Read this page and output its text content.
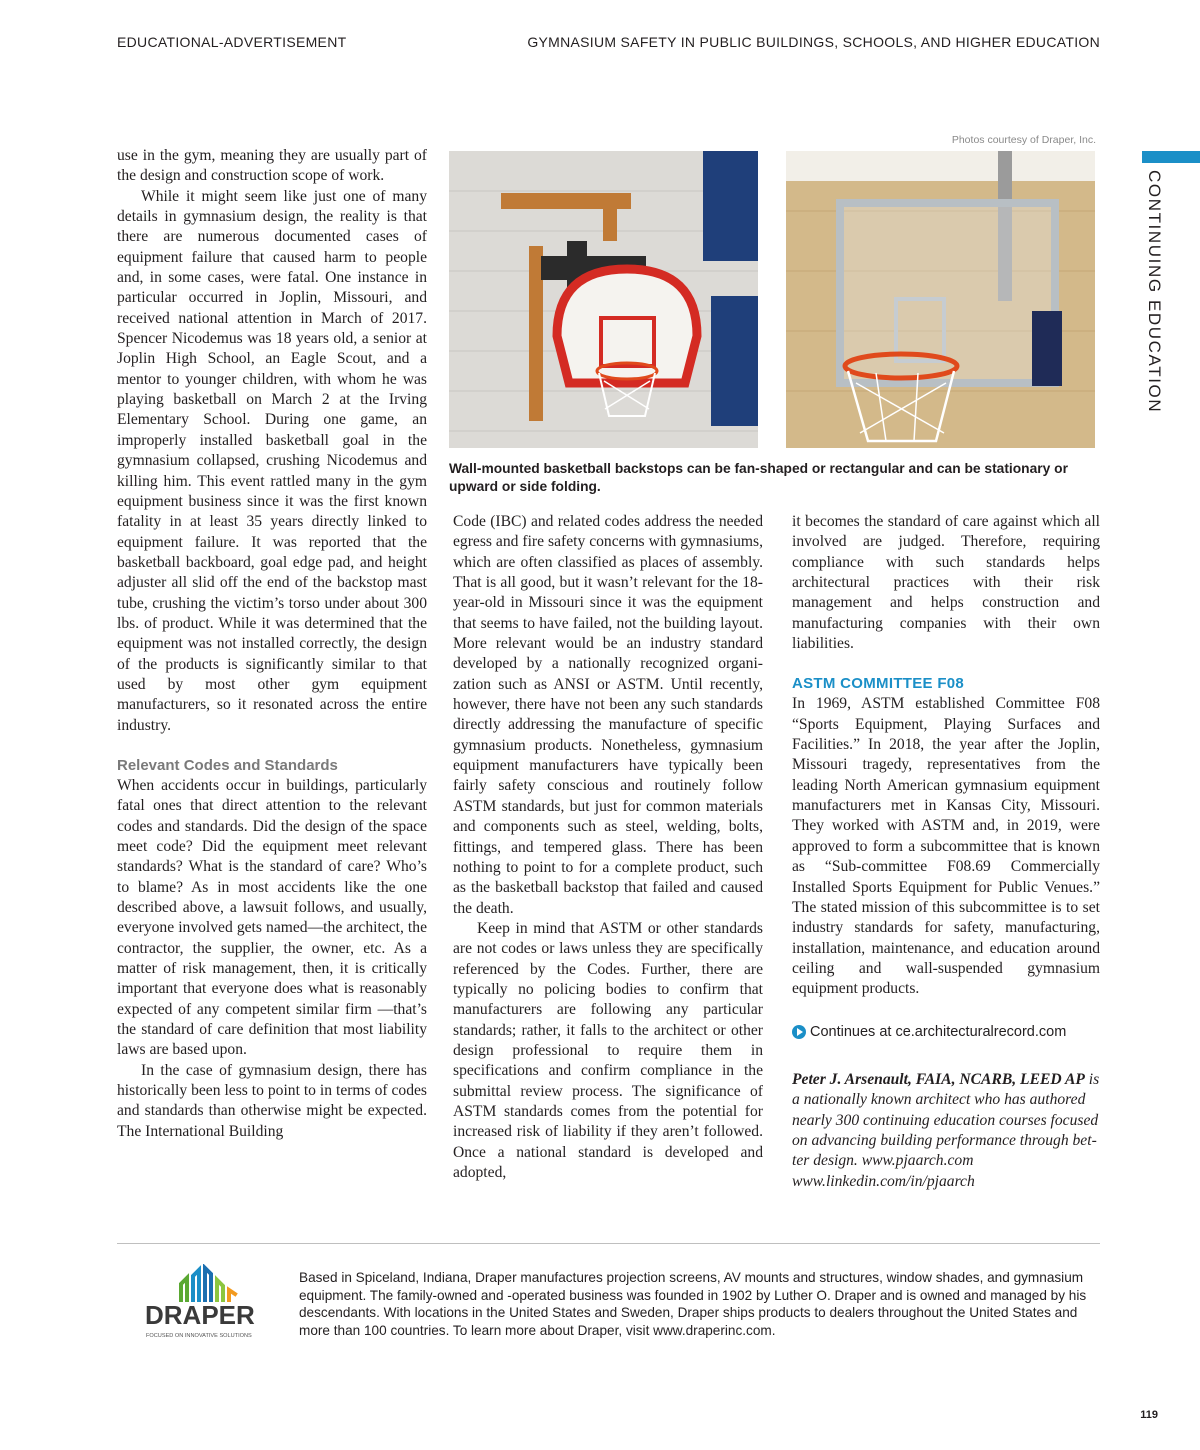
EDUCATIONAL-ADVERTISEMENT	GYMNASIUM SAFETY IN PUBLIC BUILDINGS, SCHOOLS, AND HIGHER EDUCATION
Photos courtesy of Draper, Inc.
CONTINUING EDUCATION

use in the gym, meaning they are usually part of the design and construction scope of work.

While it might seem like just one of many details in gymnasium design, the reality is that there are numerous documented cases of equipment failure that caused harm to people and, in some cases, were fatal. One instance in particular occurred in Joplin, Missouri, and received national attention in March of 2017. Spencer Nicodemus was 18 years old, a senior at Joplin High School, an Eagle Scout, and a mentor to younger children, with whom he was playing basketball on March 2 at the Irving Elementary School. During one game, an improperly installed basketball goal in the gymnasium collapsed, crushing Nicodemus and killing him. This event rattled many in the gym equipment business since it was the first known fatality in at least 35 years directly linked to equipment failure. It was reported that the basketball backboard, goal edge pad, and height adjuster all slid off the end of the backstop mast tube, crushing the victim’s torso under about 300 lbs. of product. While it was determined that the equipment was not installed correctly, the design of the products is significantly similar to that used by most other gym equipment manufacturers, so it resonated across the entire industry.

Relevant Codes and Standards

When accidents occur in buildings, particularly fatal ones that direct attention to the relevant codes and standards. Did the design of the space meet code? Did the equipment meet relevant standards? What is the standard of care? Who’s to blame? As in most accidents like the one described above, a lawsuit follows, and usually, everyone involved gets named—the architect, the contractor, the supplier, the owner, etc. As a matter of risk management, then, it is critically important that everyone does what is reasonably expected of any competent similar firm —that’s the standard of care definition that most liability laws are based upon.

In the case of gymnasium design, there has historically been less to point to in terms of codes and standards than otherwise might be expected. The International Building

Wall-mounted basketball backstops can be fan-shaped or rectangular and can be stationary or upward or side folding.

Code (IBC) and related codes address the needed egress and fire safety concerns with gymnasiums, which are often classified as places of assembly. That is all good, but it wasn’t relevant for the 18-year-old in Missouri since it was the equipment that seems to have failed, not the building layout. More relevant would be an industry standard developed by a nationally recognized organization such as ANSI or ASTM. Until recently, however, there have not been any such standards directly addressing the manufacture of specific gymnasium products. Nonetheless, gymnasium equipment manufacturers have typically been fairly safety conscious and routinely follow ASTM standards, but just for common materials and components such as steel, welding, bolts, fittings, and tempered glass. There has been nothing to point to for a complete product, such as the basketball backstop that failed and caused the death.

Keep in mind that ASTM or other standards are not codes or laws unless they are specifically referenced by the Codes. Further, there are typically no policing bodies to confirm that manufacturers are following any particular standards; rather, it falls to the architect or other design professional to require them in specifications and confirm compliance in the submittal review process. The significance of ASTM standards comes from the potential for increased risk of liability if they aren’t followed. Once a national standard is developed and adopted,

it becomes the standard of care against which all involved are judged. Therefore, requiring compliance with such standards helps architectural practices with their risk management and helps construction and manufacturing companies with their own liabilities.

ASTM COMMITTEE F08

In 1969, ASTM established Committee F08 “Sports Equipment, Playing Surfaces and Facilities.” In 2018, the year after the Joplin, Missouri tragedy, representatives from the leading North American gymnasium equipment manufacturers met in Kansas City, Missouri. They worked with ASTM and, in 2019, were approved to form a subcommittee that is known as “Sub-committee F08.69 Commercially Installed Sports Equipment for Public Venues.” The stated mission of this subcommittee is to set industry standards for safety, manufacturing, installation, maintenance, and education around ceiling and wall-suspended gymnasium equipment products.

Continues at ce.architecturalrecord.com

Peter J. Arsenault, FAIA, NCARB, LEED AP is a nationally known architect who has authored nearly 300 continuing education courses focused on advancing building performance through better design. www.pjaarch.com www.linkedin.com/in/pjaarch

DRAPER
FOCUSED ON INNOVATIVE SOLUTIONS
Based in Spiceland, Indiana, Draper manufactures projection screens, AV mounts and structures, window shades, and gymnasium equipment. The family-owned and -operated business was founded in 1902 by Luther O. Draper and is owned and managed by his descendants. With locations in the United States and Sweden, Draper ships products to dealers throughout the United States and more than 100 countries. To learn more about Draper, visit www.draperinc.com.
119
